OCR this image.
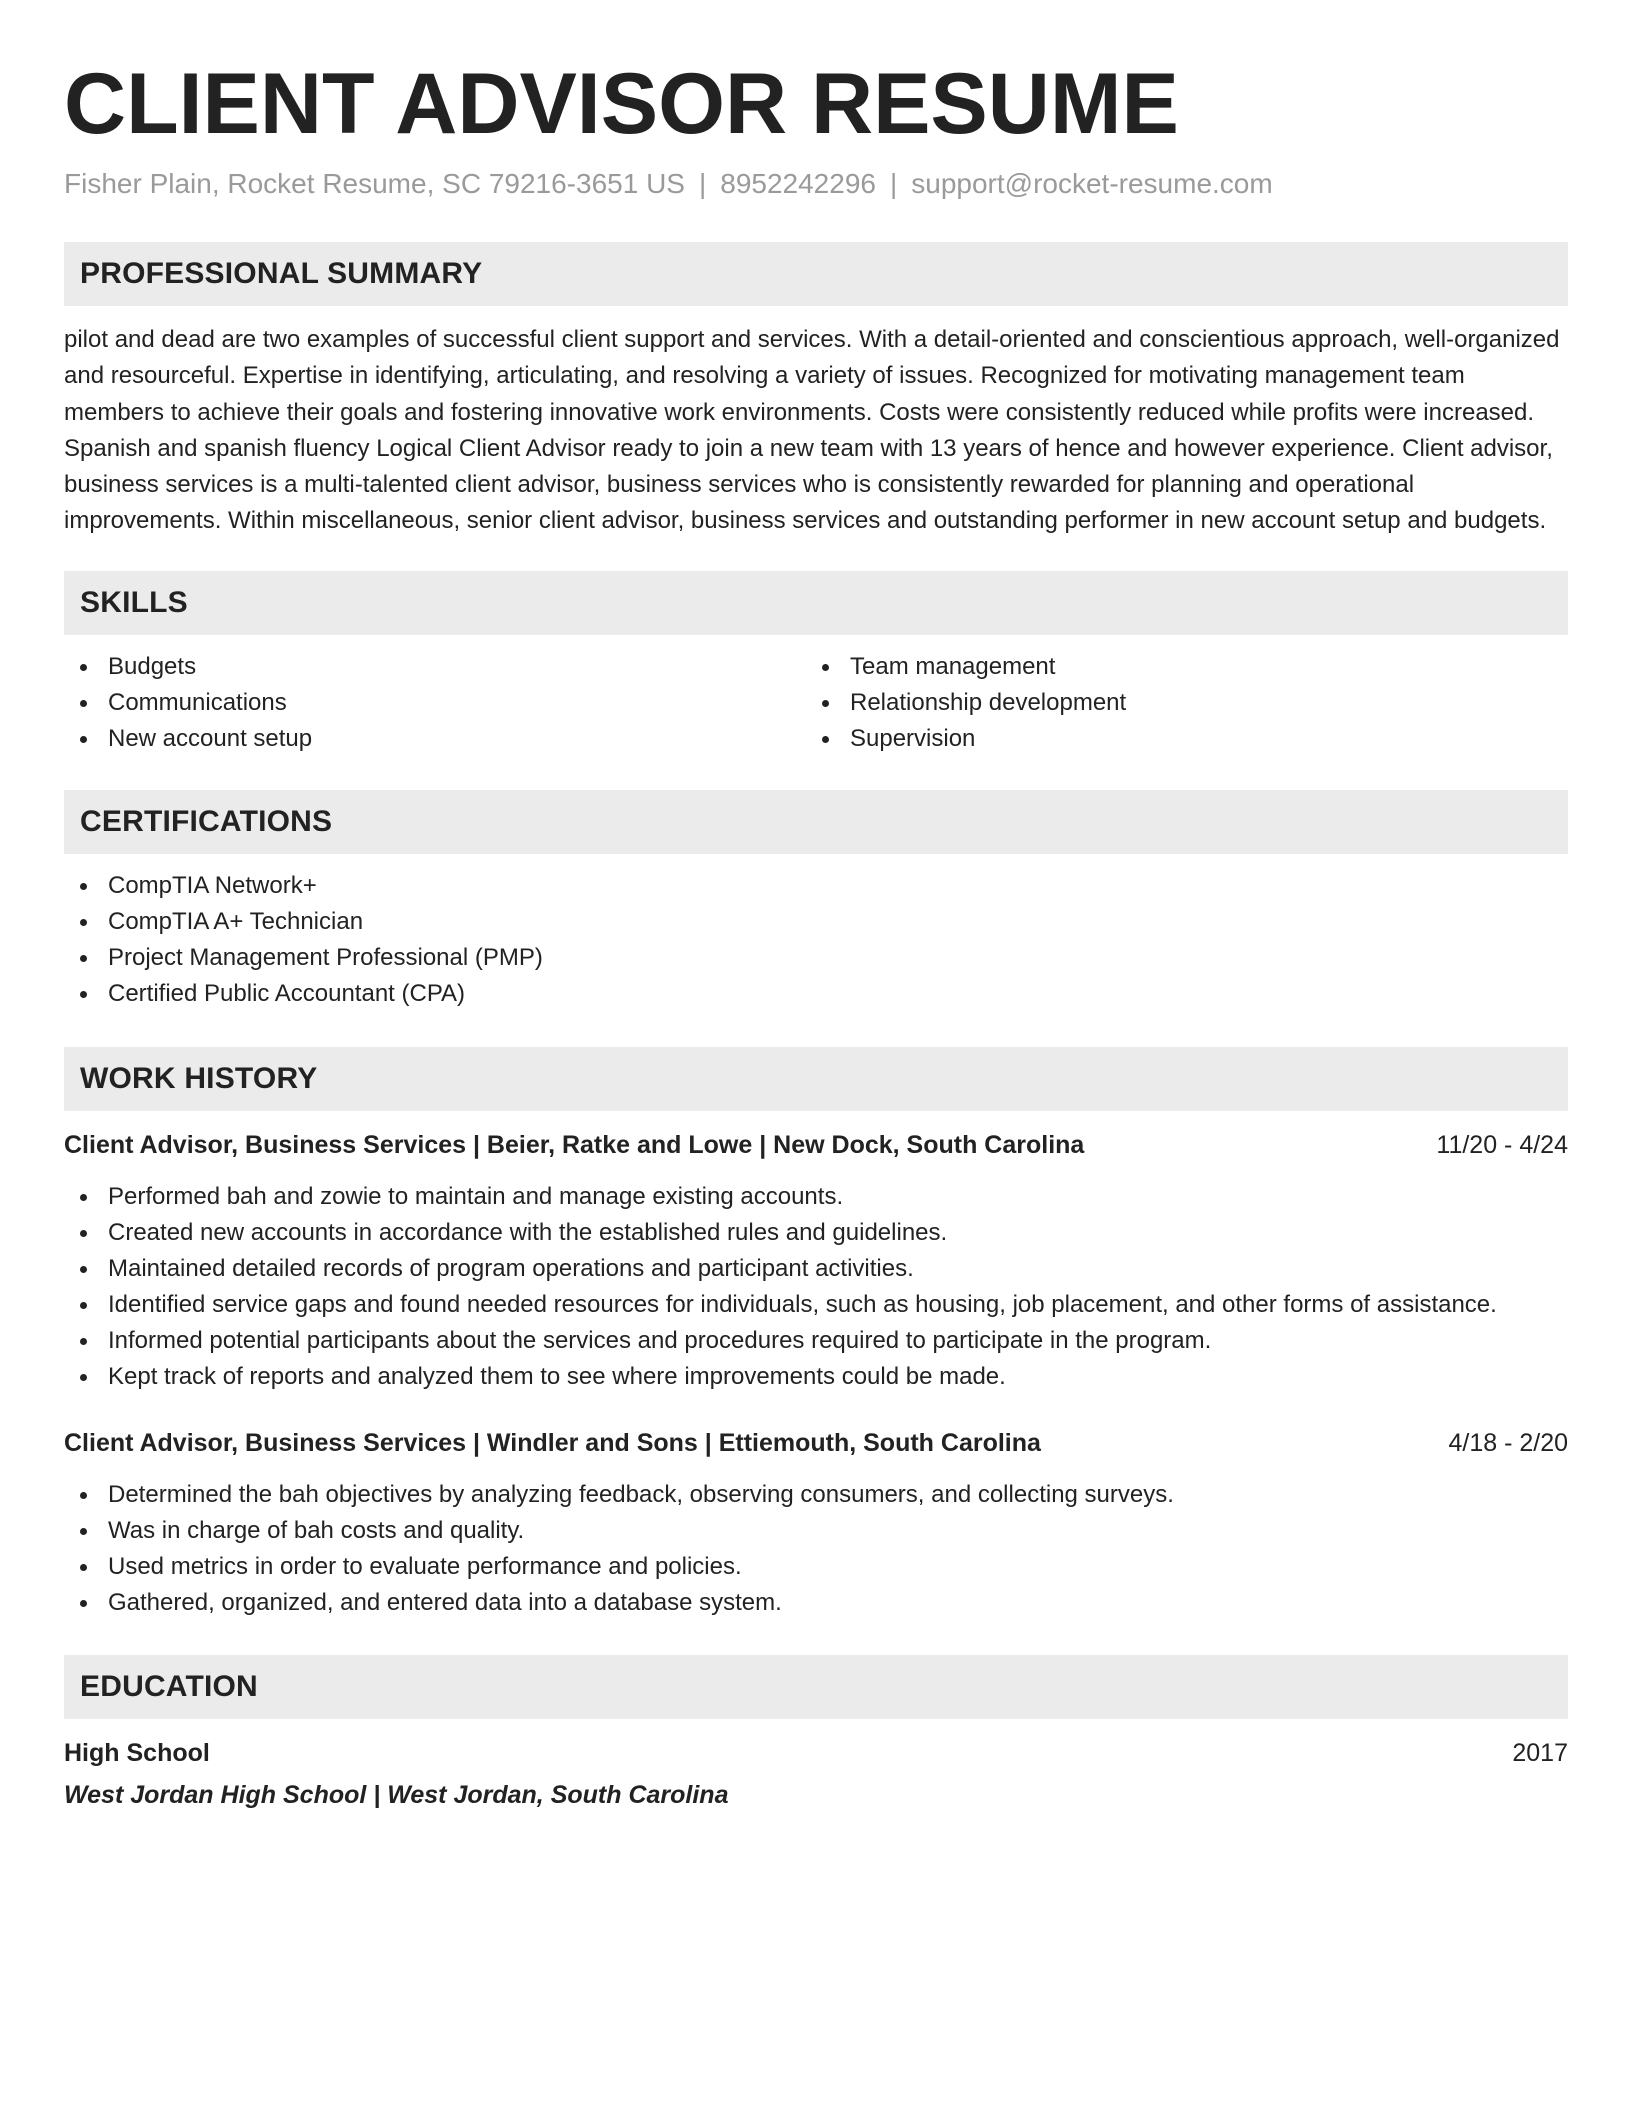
CLIENT ADVISOR RESUME
Fisher Plain, Rocket Resume, SC 79216-3651 US | 8952242296 | support@rocket-resume.com
PROFESSIONAL SUMMARY

pilot and dead are two examples of successful client support and services. With a detail-oriented and conscientious approach, well-organized and resourceful. Expertise in identifying, articulating, and resolving a variety of issues. Recognized for motivating management team members to achieve their goals and fostering innovative work environments. Costs were consistently reduced while profits were increased. Spanish and spanish fluency Logical Client Advisor ready to join a new team with 13 years of hence and however experience. Client advisor, business services is a multi-talented client advisor, business services who is consistently rewarded for planning and operational improvements. Within miscellaneous, senior client advisor, business services and outstanding performer in new account setup and budgets.

SKILLS
Budgets
Communications
New account setup
Team management
Relationship development
Supervision
CERTIFICATIONS
CompTIA Network+
CompTIA A+ Technician
Project Management Professional (PMP)
Certified Public Accountant (CPA)
WORK HISTORY
Client Advisor, Business Services | Beier, Ratke and Lowe | New Dock, South Carolina	11/20 - 4/24
Performed bah and zowie to maintain and manage existing accounts.
Created new accounts in accordance with the established rules and guidelines.
Maintained detailed records of program operations and participant activities.
Identified service gaps and found needed resources for individuals, such as housing, job placement, and other forms of assistance.
Informed potential participants about the services and procedures required to participate in the program.
Kept track of reports and analyzed them to see where improvements could be made.
Client Advisor, Business Services | Windler and Sons | Ettiemouth, South Carolina	4/18 - 2/20
Determined the bah objectives by analyzing feedback, observing consumers, and collecting surveys.
Was in charge of bah costs and quality.
Used metrics in order to evaluate performance and policies.
Gathered, organized, and entered data into a database system.
EDUCATION
High School	2017
West Jordan High School | West Jordan, South Carolina
